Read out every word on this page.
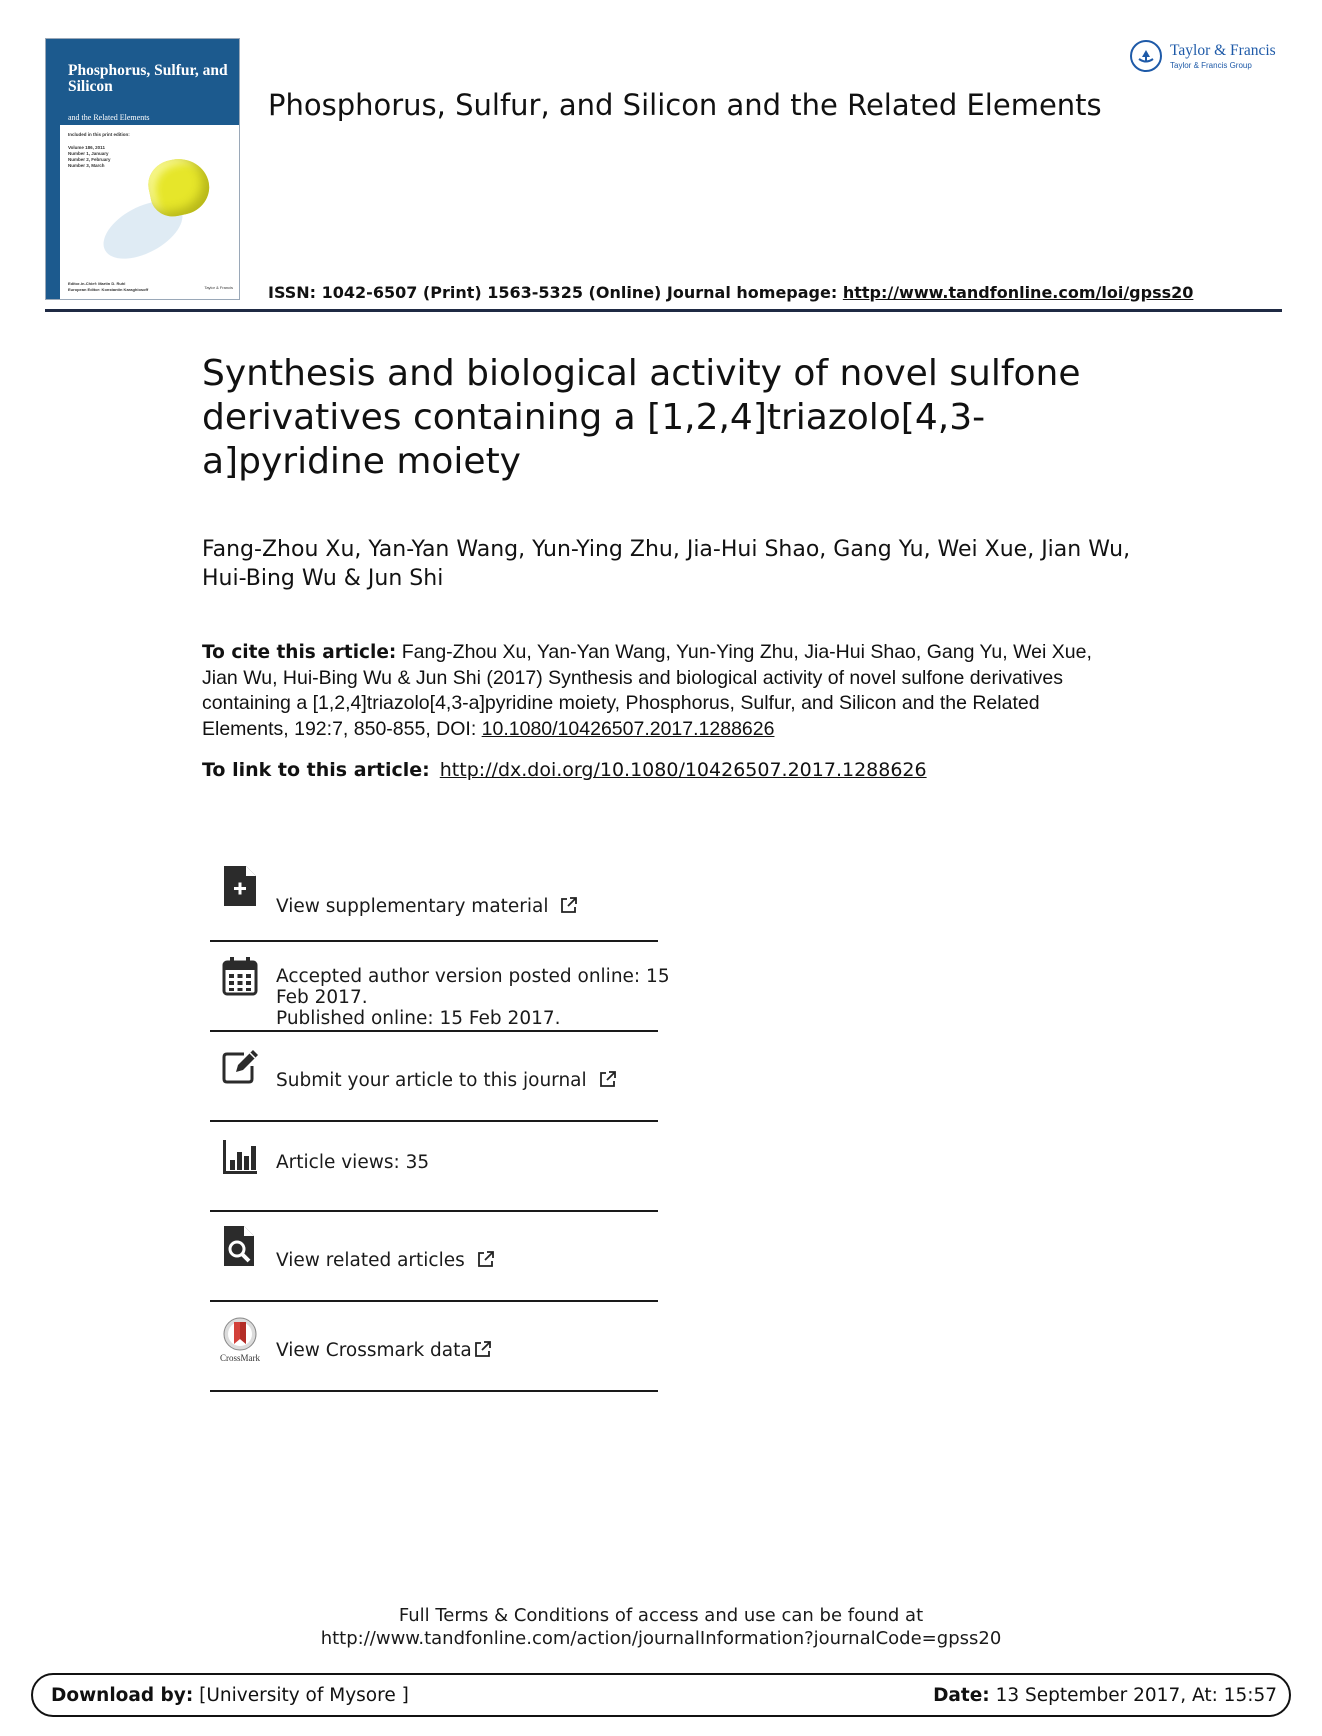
Phosphorus, Sulfur, and Silicon
and the Related Elements
Included in this print edition:
Volume 186, 2011
Number 1, January
Number 2, February
Number 3, March
Editor-in-Chief: Martin D. Ruhl
European Editor: Konstantin Karaghiosoff	Taylor & Francis
Phosphorus, Sulfur, and Silicon and the Related Elements
Taylor & Francis
Taylor & Francis Group
ISSN: 1042-6507 (Print) 1563-5325 (Online) Journal homepage: http://www.tandfonline.com/loi/gpss20
Synthesis and biological activity of novel sulfone derivatives containing a [1,2,4]triazolo[4,3-a]pyridine moiety
Fang-Zhou Xu, Yan-Yan Wang, Yun-Ying Zhu, Jia-Hui Shao, Gang Yu, Wei Xue, Jian Wu, Hui-Bing Wu & Jun Shi
To cite this article: Fang-Zhou Xu, Yan-Yan Wang, Yun-Ying Zhu, Jia-Hui Shao, Gang Yu, Wei Xue, Jian Wu, Hui-Bing Wu & Jun Shi (2017) Synthesis and biological activity of novel sulfone derivatives containing a [1,2,4]triazolo[4,3-a]pyridine moiety, Phosphorus, Sulfur, and Silicon and the Related Elements, 192:7, 850-855, DOI: 10.1080/10426507.2017.1288626
To link to this article: http://dx.doi.org/10.1080/10426507.2017.1288626
View supplementary material
Accepted author version posted online: 15
Feb 2017.
Published online: 15 Feb 2017.
Submit your article to this journal
Article views: 35
View related articles
CrossMark View Crossmark data
Full Terms & Conditions of access and use can be found at
http://www.tandfonline.com/action/journalInformation?journalCode=gpss20
Download by: [University of Mysore ]	Date: 13 September 2017, At: 15:57
